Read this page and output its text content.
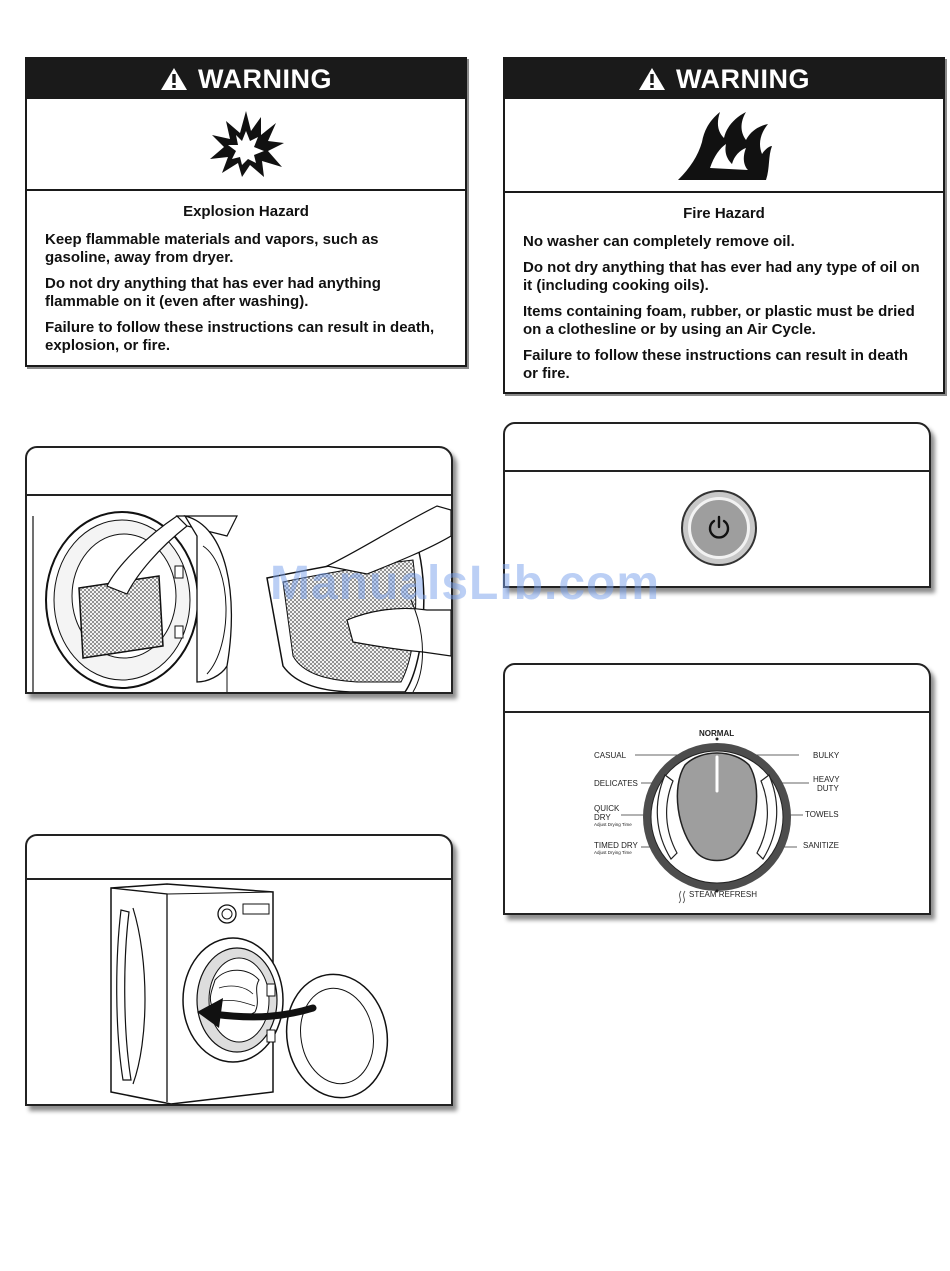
WARNING
Explosion Hazard

Keep flammable materials and vapors, such as gasoline, away from dryer.

Do not dry anything that has ever had anything flammable on it (even after washing).

Failure to follow these instructions can result in death, explosion, or fire.

WARNING
Fire Hazard

No washer can completely remove oil.

Do not dry anything that has ever had any type of oil on it (including cooking oils).

Items containing foam, rubber, or plastic must be dried on a clothesline or by using an Air Cycle.

Failure to follow these instructions can result in death or fire.

NORMAL
CASUAL
DELICATES
QUICK
DRY
Adjust Drying Time
TIMED DRY
Adjust Drying Time
BULKY
HEAVY
DUTY
TOWELS
SANITIZE
STEAM REFRESH
ManualsLib.com
